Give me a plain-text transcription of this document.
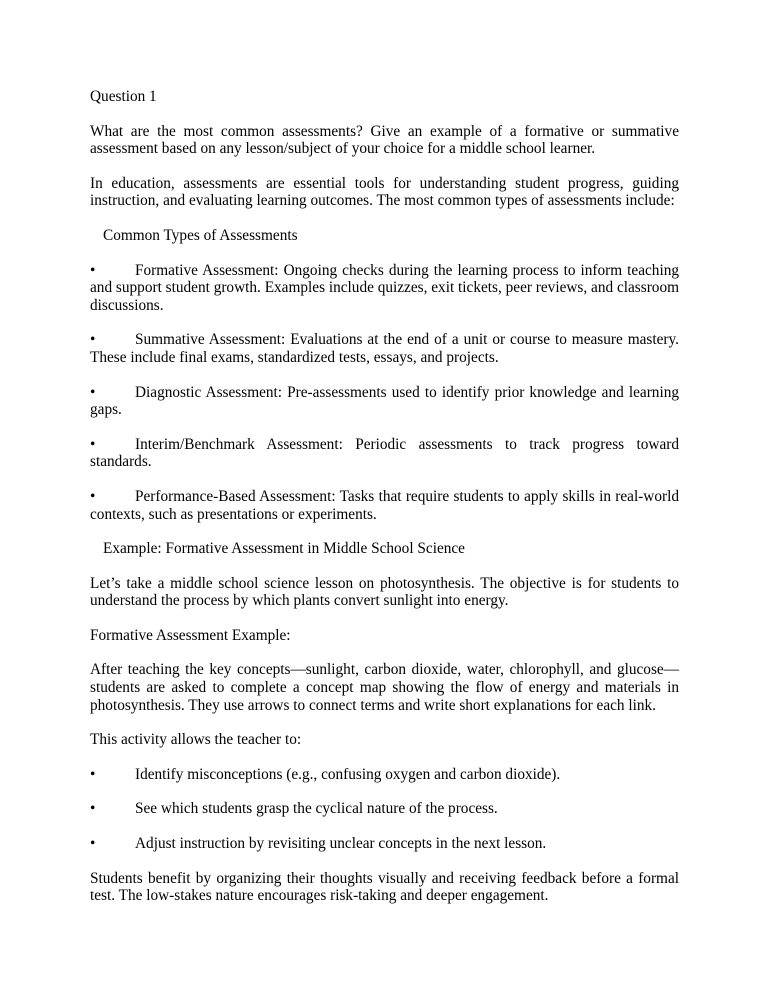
Question 1

What are the most common assessments? Give an example of a formative or summative assessment based on any lesson/subject of your choice for a middle school learner.

In education, assessments are essential tools for understanding student progress, guiding instruction, and evaluating learning outcomes. The most common types of assessments include:

Common Types of Assessments

•	Formative Assessment: Ongoing checks during the learning process to inform teaching and support student growth. Examples include quizzes, exit tickets, peer reviews, and classroom discussions.

•	Summative Assessment: Evaluations at the end of a unit or course to measure mastery. These include final exams, standardized tests, essays, and projects.

•	Diagnostic Assessment: Pre-assessments used to identify prior knowledge and learning gaps.

•	Interim/Benchmark Assessment: Periodic assessments to track progress toward standards.

•	Performance-Based Assessment: Tasks that require students to apply skills in real-world contexts, such as presentations or experiments.

Example: Formative Assessment in Middle School Science

Let’s take a middle school science lesson on photosynthesis. The objective is for students to understand the process by which plants convert sunlight into energy.

Formative Assessment Example:

After teaching the key concepts—sunlight, carbon dioxide, water, chlorophyll, and glucose—students are asked to complete a concept map showing the flow of energy and materials in photosynthesis. They use arrows to connect terms and write short explanations for each link.

This activity allows the teacher to:

•	Identify misconceptions (e.g., confusing oxygen and carbon dioxide).

•	See which students grasp the cyclical nature of the process.

•	Adjust instruction by revisiting unclear concepts in the next lesson.

Students benefit by organizing their thoughts visually and receiving feedback before a formal test. The low-stakes nature encourages risk-taking and deeper engagement.
